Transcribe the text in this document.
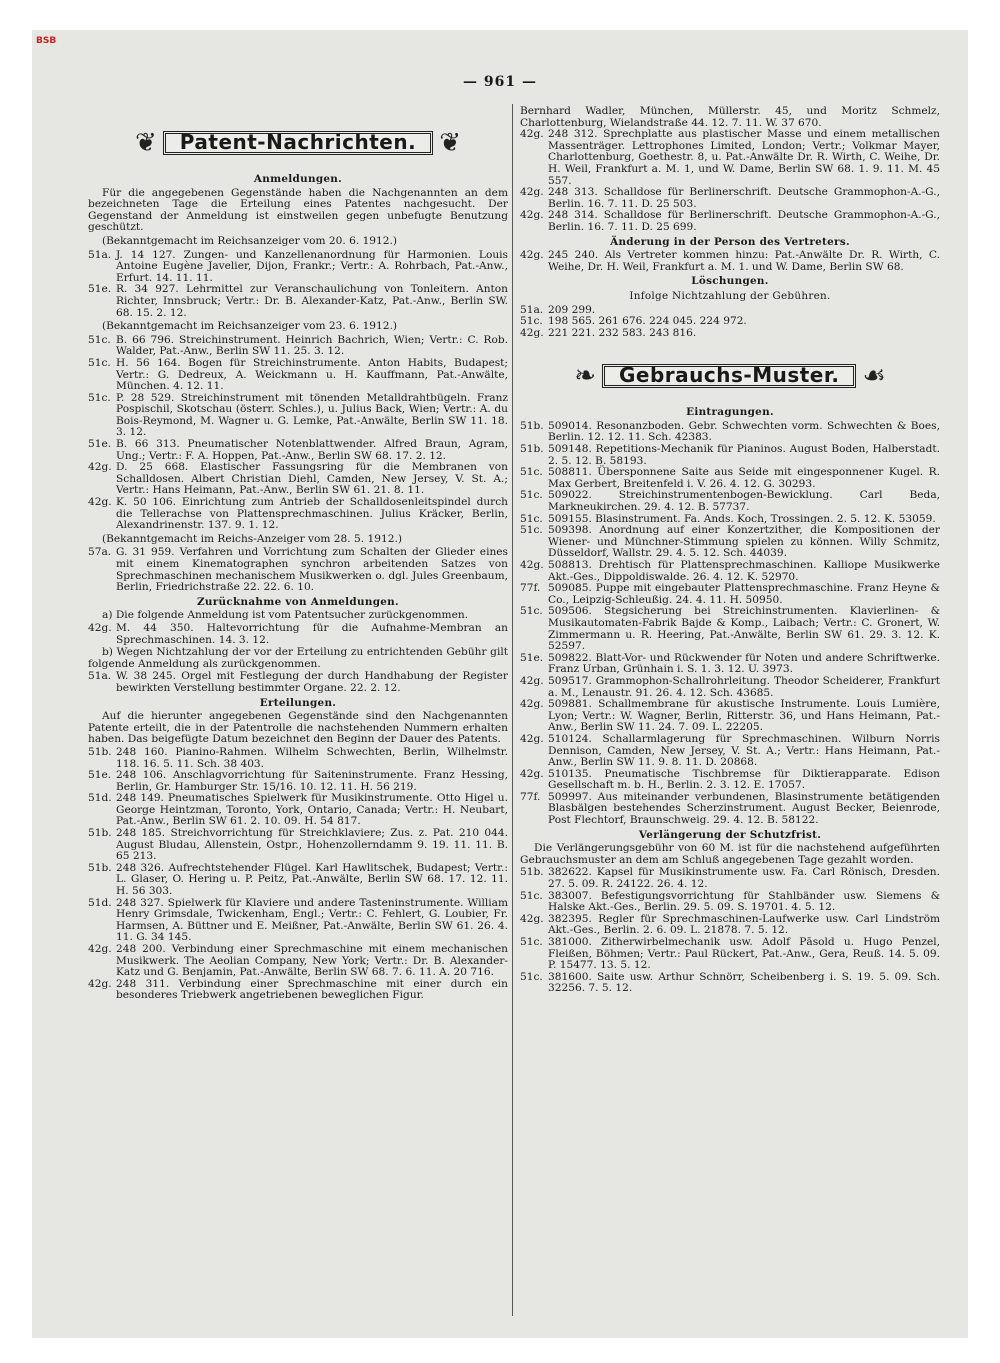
BSB
— 961 —
❦	Patent-Nachrichten. ❦
Anmeldungen.
Für die angegebenen Gegenstände haben die Nachgenannten an dem bezeichneten Tage die Erteilung eines Patentes nachgesucht. Der Gegenstand der Anmeldung ist einstweilen gegen unbefugte Benutzung geschützt.
(Bekanntgemacht im Reichsanzeiger vom 20. 6. 1912.)
51a. J. 14 127. Zungen- und Kanzellenanordnung für Harmonien. Louis Antoine Eugène Javelier, Dijon, Frankr.; Vertr.: A. Rohrbach, Pat.-Anw., Erfurt. 14. 11. 11.
51e. R. 34 927. Lehrmittel zur Veranschaulichung von Tonleitern. Anton Richter, Innsbruck; Vertr.: Dr. B. Alexander-Katz, Pat.-Anw., Berlin SW. 68. 15. 2. 12.
(Bekanntgemacht im Reichsanzeiger vom 23. 6. 1912.)
51c. B. 66 796. Streichinstrument. Heinrich Bachrich, Wien; Vertr.: C. Rob. Walder, Pat.-Anw., Berlin SW 11. 25. 3. 12.
51c. H. 56 164. Bogen für Streichinstrumente. Anton Habits, Budapest; Vertr.: G. Dedreux, A. Weickmann u. H. Kauffmann, Pat.-Anwälte, München. 4. 12. 11.
51c. P. 28 529. Streichinstrument mit tönenden Metalldrahtbügeln. Franz Pospischil, Skotschau (österr. Schles.), u. Julius Back, Wien; Vertr.: A. du Bois-Reymond, M. Wagner u. G. Lemke, Pat.-Anwälte, Berlin SW 11. 18. 3. 12.
51e. B. 66 313. Pneumatischer Notenblattwender. Alfred Braun, Agram, Ung.; Vertr.: F. A. Hoppen, Pat.-Anw., Berlin SW 68. 17. 2. 12.
42g. D. 25 668. Elastischer Fassungsring für die Membranen von Schalldosen. Albert Christian Diehl, Camden, New Jersey, V. St. A.; Vertr.: Hans Heimann, Pat.-Anw., Berlin SW 61. 21. 8. 11.
42g. K. 50 106. Einrichtung zum Antrieb der Schalldosenleitspindel durch die Tellerachse von Plattensprechmaschinen. Julius Kräcker, Berlin, Alexandrinenstr. 137. 9. 1. 12.
(Bekanntgemacht im Reichs-Anzeiger vom 28. 5. 1912.)
57a. G. 31 959. Verfahren und Vorrichtung zum Schalten der Glieder eines mit einem Kinematographen synchron arbeitenden Satzes von Sprechmaschinen mechanischem Musikwerken o. dgl. Jules Greenbaum, Berlin, Friedrichstraße 22. 22. 6. 10.
Zurücknahme von Anmeldungen.
a) Die folgende Anmeldung ist vom Patentsucher zurückgenommen.
42g. M. 44 350. Haltevorrichtung für die Aufnahme-Membran an Sprechmaschinen. 14. 3. 12.
b) Wegen Nichtzahlung der vor der Erteilung zu entrichtenden Gebühr gilt folgende Anmeldung als zurückgenommen.
51a. W. 38 245. Orgel mit Festlegung der durch Handhabung der Register bewirkten Verstellung bestimmter Organe. 22. 2. 12.
Erteilungen.
Auf die hierunter angegebenen Gegenstände sind den Nachgenannten Patente erteilt, die in der Patentrolle die nachstehenden Nummern erhalten haben. Das beigefügte Datum bezeichnet den Beginn der Dauer des Patents.
51b. 248 160. Pianino-Rahmen. Wilhelm Schwechten, Berlin, Wilhelmstr. 118. 16. 5. 11. Sch. 38 403.
51e. 248 106. Anschlagvorrichtung für Saiteninstrumente. Franz Hessing, Berlin, Gr. Hamburger Str. 15/16. 10. 12. 11. H. 56 219.
51d. 248 149. Pneumatisches Spielwerk für Musikinstrumente. Otto Higel u. George Heintzman, Toronto, York, Ontario, Canada; Vertr.: H. Neubart, Pat.-Anw., Berlin SW 61. 2. 10. 09. H. 54 817.
51b. 248 185. Streichvorrichtung für Streichklaviere; Zus. z. Pat. 210 044. August Bludau, Allenstein, Ostpr., Hohenzollerndamm 9. 19. 11. 11. B. 65 213.
51b. 248 326. Aufrechtstehender Flügel. Karl Hawlitschek, Budapest; Vertr.: L. Glaser, O. Hering u. P. Peitz, Pat.-Anwälte, Berlin SW 68. 17. 12. 11. H. 56 303.
51d. 248 327. Spielwerk für Klaviere und andere Tasteninstrumente. William Henry Grimsdale, Twickenham, Engl.; Vertr.: C. Fehlert, G. Loubier, Fr. Harmsen, A. Büttner und E. Meißner, Pat.-Anwälte, Berlin SW 61. 26. 4. 11. G. 34 145.
42g. 248 200. Verbindung einer Sprechmaschine mit einem mechanischen Musikwerk. The Aeolian Company, New York; Vertr.: Dr. B. Alexander-Katz und G. Benjamin, Pat.-Anwälte, Berlin SW 68. 7. 6. 11. A. 20 716.
42g. 248 311. Verbindung einer Sprechmaschine mit einer durch ein besonderes Triebwerk angetriebenen beweglichen Figur.
Bernhard Wadler, München, Müllerstr. 45, und Moritz Schmelz, Charlottenburg, Wielandstraße 44. 12. 7. 11. W. 37 670.
42g. 248 312. Sprechplatte aus plastischer Masse und einem metallischen Massenträger. Lettrophones Limited, London; Vertr.; Volkmar Mayer, Charlottenburg, Goethestr. 8, u. Pat.-Anwälte Dr. R. Wirth, C. Weihe, Dr. H. Weil, Frankfurt a. M. 1, und W. Dame, Berlin SW 68. 1. 9. 11. M. 45 557.
42g. 248 313. Schalldose für Berlinerschrift. Deutsche Grammophon-A.-G., Berlin. 16. 7. 11. D. 25 503.
42g. 248 314. Schalldose für Berlinerschrift. Deutsche Grammophon-A.-G., Berlin. 16. 7. 11. D. 25 699.
Änderung in der Person des Vertreters.
42g. 245 240. Als Vertreter kommen hinzu: Pat.-Anwälte Dr. R. Wirth, C. Weihe, Dr. H. Weil, Frankfurt a. M. 1. und W. Dame, Berlin SW 68.
Löschungen.
Infolge Nichtzahlung der Gebühren.
51a. 209 299.
51c. 198 565. 261 676. 224 045. 224 972.
42g. 221 221. 232 583. 243 816.
❧	Gebrauchs-Muster. ☙
Eintragungen.
51b. 509014. Resonanzboden. Gebr. Schwechten vorm. Schwechten & Boes, Berlin. 12. 12. 11. Sch. 42383.
51b. 509148. Repetitions-Mechanik für Pianinos. August Boden, Halberstadt. 2. 5. 12. B. 58193.
51c. 508811. Übersponnene Saite aus Seide mit eingesponnener Kugel. R. Max Gerbert, Breitenfeld i. V. 26. 4. 12. G. 30293.
51c. 509022. Streichinstrumentenbogen-Bewicklung. Carl Beda, Markneukirchen. 29. 4. 12. B. 57737.
51c. 509155. Blasinstrument. Fa. Ands. Koch, Trossingen. 2. 5. 12. K. 53059.
51c. 509398. Anordnung auf einer Konzertzither, die Kompositionen der Wiener- und Münchner-Stimmung spielen zu können. Willy Schmitz, Düsseldorf, Wallstr. 29. 4. 5. 12. Sch. 44039.
42g. 508813. Drehtisch für Plattensprechmaschinen. Kalliope Musikwerke Akt.-Ges., Dippoldiswalde. 26. 4. 12. K. 52970.
77f. 509085. Puppe mit eingebauter Plattensprechmaschine. Franz Heyne & Co., Leipzig-Schleußig. 24. 4. 11. H. 50950.
51c. 509506. Stegsicherung bei Streichinstrumenten. Klavierlinen- & Musikautomaten-Fabrik Bajde & Komp., Laibach; Vertr.: C. Gronert, W. Zimmermann u. R. Heering, Pat.-Anwälte, Berlin SW 61. 29. 3. 12. K. 52597.
51e. 509822. Blatt-Vor- und Rückwender für Noten und andere Schriftwerke. Franz Urban, Grünhain i. S. 1. 3. 12. U. 3973.
42g. 509517. Grammophon-Schallrohrleitung. Theodor Scheiderer, Frankfurt a. M., Lenaustr. 91. 26. 4. 12. Sch. 43685.
42g. 509881. Schallmembrane für akustische Instrumente. Louis Lumière, Lyon; Vertr.: W. Wagner, Berlin, Ritterstr. 36, und Hans Heimann, Pat.-Anw., Berlin SW 11. 24. 7. 09. L. 22205.
42g. 510124. Schallarmlagerung für Sprechmaschinen. Wilburn Norris Dennison, Camden, New Jersey, V. St. A.; Vertr.: Hans Heimann, Pat.-Anw., Berlin SW 11. 9. 8. 11. D. 20868.
42g. 510135. Pneumatische Tischbremse für Diktierapparate. Edison Gesellschaft m. b. H., Berlin. 2. 3. 12. E. 17057.
77f. 509997. Aus miteinander verbundenen, Blasinstrumente betätigenden Blasbälgen bestehendes Scherzinstrument. August Becker, Beienrode, Post Flechtorf, Braunschweig. 29. 4. 12. B. 58122.
Verlängerung der Schutzfrist.
Die Verlängerungsgebühr von 60 M. ist für die nachstehend aufgeführten Gebrauchsmuster an dem am Schluß angegebenen Tage gezahlt worden.
51b. 382622. Kapsel für Musikinstrumente usw. Fa. Carl Rönisch, Dresden. 27. 5. 09. R. 24122. 26. 4. 12.
51c. 383007. Befestigungsvorrichtung für Stahlbänder usw. Siemens & Halske Akt.-Ges., Berlin. 29. 5. 09. S. 19701. 4. 5. 12.
42g. 382395. Regler für Sprechmaschinen-Laufwerke usw. Carl Lindström Akt.-Ges., Berlin. 2. 6. 09. L. 21878. 7. 5. 12.
51c. 381000. Zitherwirbelmechanik usw. Adolf Pāsold u. Hugo Penzel, Fleißen, Böhmen; Vertr.: Paul Rückert, Pat.-Anw., Gera, Reuß. 14. 5. 09. P. 15477. 13. 5. 12.
51c. 381600. Saite usw. Arthur Schnörr, Scheibenberg i. S. 19. 5. 09. Sch. 32256. 7. 5. 12.
